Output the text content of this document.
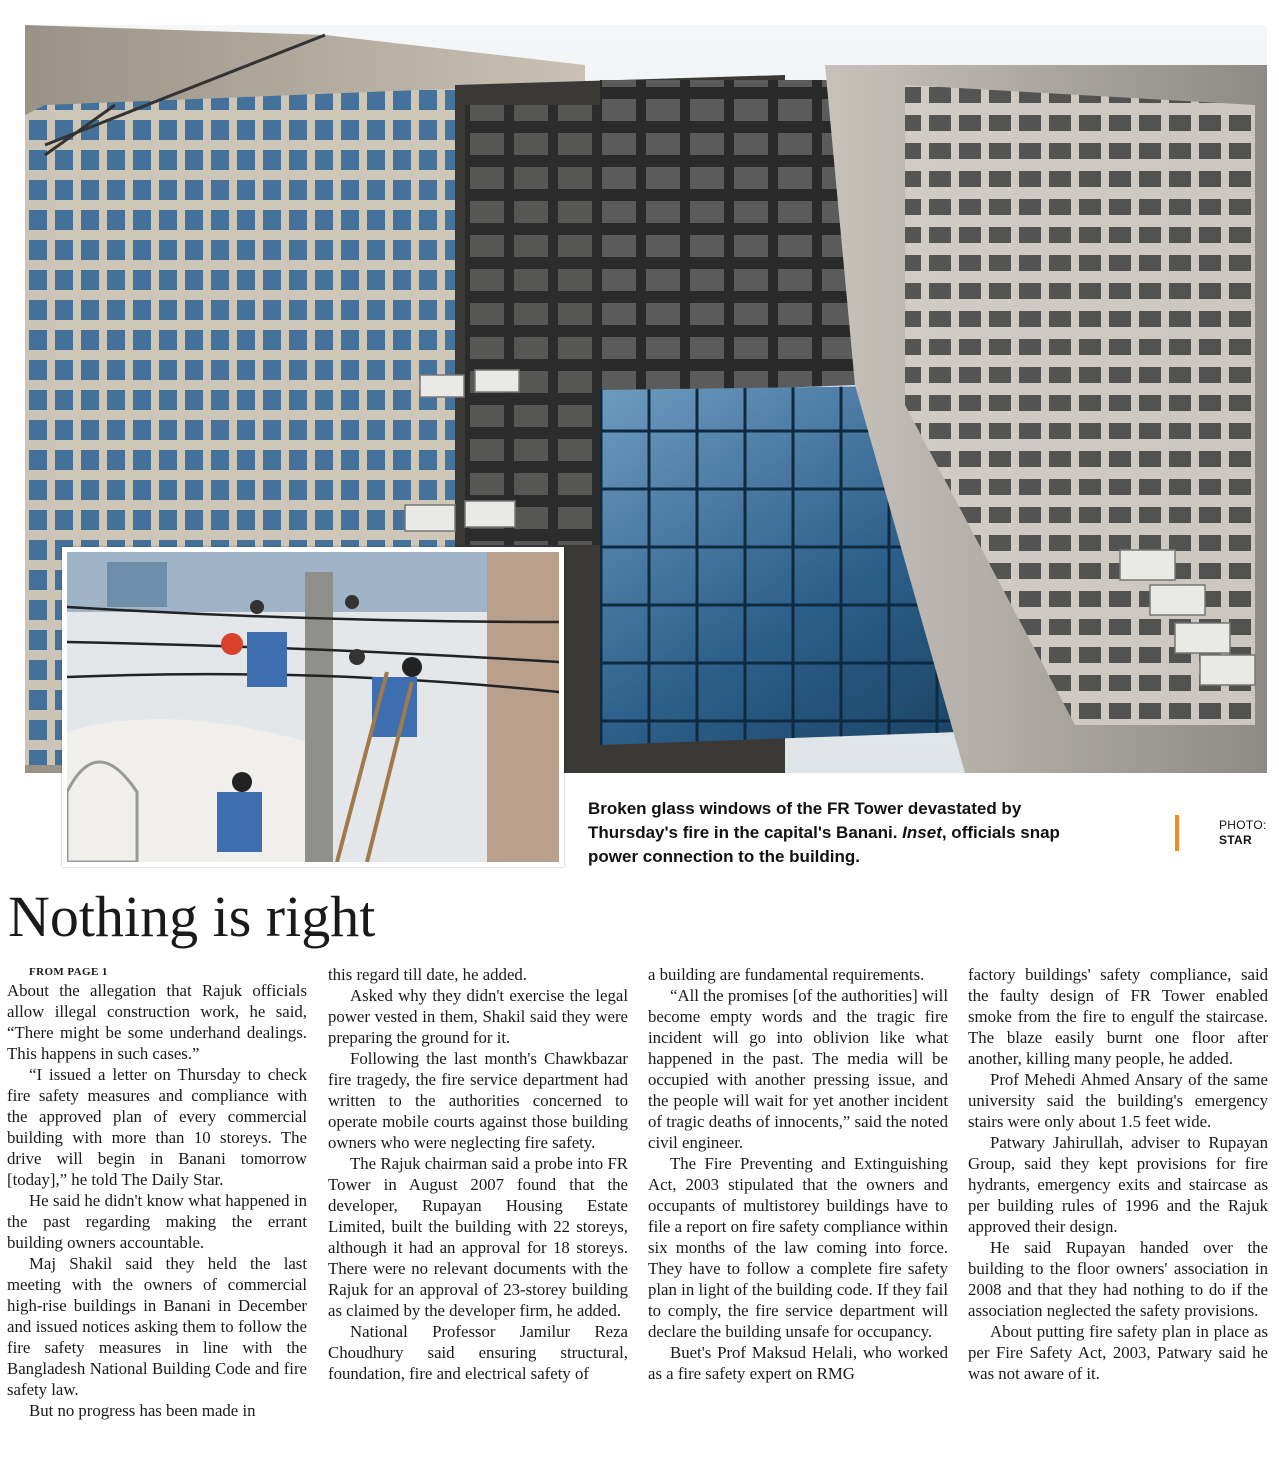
Broken glass windows of the FR Tower devastated by Thursday's fire in the capital's Banani. Inset, officials snap power connection to the building.
PHOTO:
STAR
Nothing is right

FROM PAGE 1

About the allegation that Rajuk officials allow illegal construction work, he said, “There might be some underhand dealings. This happens in such cases.”

“I issued a letter on Thursday to check fire safety measures and compliance with the approved plan of every commercial building with more than 10 storeys. The drive will begin in Banani tomorrow [today],” he told The Daily Star.

He said he didn't know what happened in the past regarding making the errant building owners accountable.

Maj Shakil said they held the last meeting with the owners of commercial high-rise buildings in Banani in December and issued notices asking them to follow the fire safety measures in line with the Bangladesh National Building Code and fire safety law.

But no progress has been made in

this regard till date, he added.

Asked why they didn't exercise the legal power vested in them, Shakil said they were preparing the ground for it.

Following the last month's Chawkbazar fire tragedy, the fire service department had written to the authorities concerned to operate mobile courts against those building owners who were neglecting fire safety.

The Rajuk chairman said a probe into FR Tower in August 2007 found that the developer, Rupayan Housing Estate Limited, built the building with 22 storeys, although it had an approval for 18 storeys. There were no relevant documents with the Rajuk for an approval of 23-storey building as claimed by the developer firm, he added.

National Professor Jamilur Reza Choudhury said ensuring structural, foundation, fire and electrical safety of

a building are fundamental requirements.

“All the promises [of the authorities] will become empty words and the tragic fire incident will go into oblivion like what happened in the past. The media will be occupied with another pressing issue, and the people will wait for yet another incident of tragic deaths of innocents,” said the noted civil engineer.

The Fire Preventing and Extinguishing Act, 2003 stipulated that the owners and occupants of multistorey buildings have to file a report on fire safety compliance within six months of the law coming into force. They have to follow a complete fire safety plan in light of the building code. If they fail to comply, the fire service department will declare the building unsafe for occupancy.

Buet's Prof Maksud Helali, who worked as a fire safety expert on RMG

factory buildings' safety compliance, said the faulty design of FR Tower enabled smoke from the fire to engulf the staircase. The blaze easily burnt one floor after another, killing many people, he added.

Prof Mehedi Ahmed Ansary of the same university said the building's emergency stairs were only about 1.5 feet wide.

Patwary Jahirullah, adviser to Rupayan Group, said they kept provisions for fire hydrants, emergency exits and staircase as per building rules of 1996 and the Rajuk approved their design.

He said Rupayan handed over the building to the floor owners' association in 2008 and that they had nothing to do if the association neglected the safety provisions.

About putting fire safety plan in place as per Fire Safety Act, 2003, Patwary said he was not aware of it.
